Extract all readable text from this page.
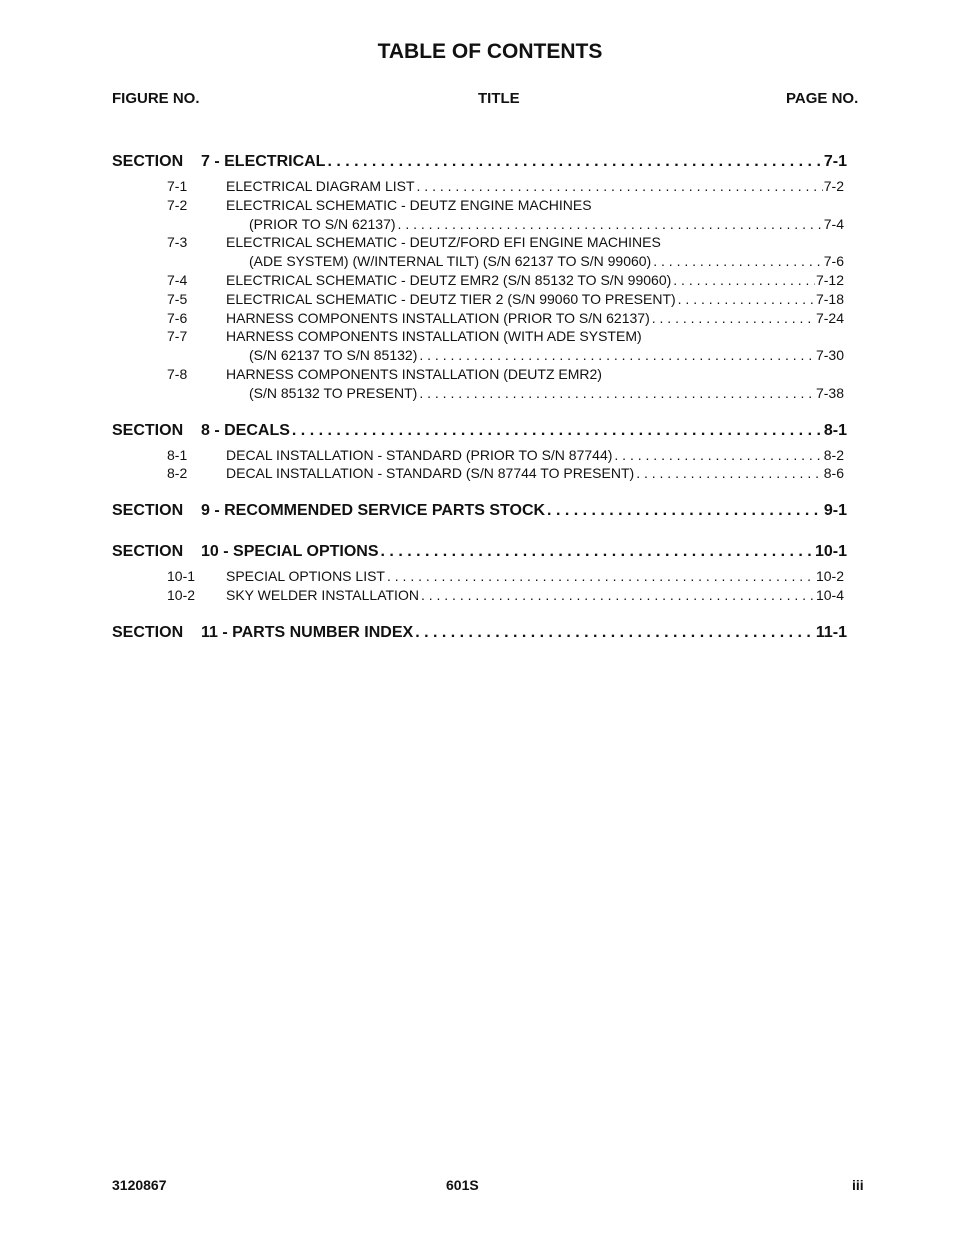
TABLE OF CONTENTS
FIGURE NO.	TITLE	PAGE NO.
SECTION	7 - ELECTRICAL . . .	7-1
7-1	ELECTRICAL DIAGRAM LIST . . .	7-2
7-2	ELECTRICAL SCHEMATIC - DEUTZ ENGINE MACHINES
(PRIOR TO S/N 62137) . . .	7-4
7-3	ELECTRICAL SCHEMATIC - DEUTZ/FORD EFI ENGINE MACHINES
(ADE SYSTEM) (W/INTERNAL TILT) (S/N 62137 TO S/N 99060) . . .	7-6
7-4	ELECTRICAL SCHEMATIC - DEUTZ EMR2 (S/N 85132 TO S/N 99060) . . .	7-12
7-5	ELECTRICAL SCHEMATIC - DEUTZ TIER 2 (S/N 99060 TO PRESENT) . . .	7-18
7-6	HARNESS COMPONENTS INSTALLATION (PRIOR TO S/N 62137) . . .	7-24
7-7	HARNESS COMPONENTS INSTALLATION (WITH ADE SYSTEM)
(S/N 62137 TO S/N 85132) . . .	7-30
7-8	HARNESS COMPONENTS INSTALLATION (DEUTZ EMR2)
(S/N 85132 TO PRESENT) . . .	7-38
SECTION	8 - DECALS . . .	8-1
8-1	DECAL INSTALLATION - STANDARD (PRIOR TO S/N 87744) . . .	8-2
8-2	DECAL INSTALLATION - STANDARD (S/N 87744 TO PRESENT) . . .	8-6
SECTION	9 - RECOMMENDED SERVICE PARTS STOCK . . .	9-1
SECTION	10 - SPECIAL OPTIONS . . .	10-1
10-1	SPECIAL OPTIONS LIST . . .	10-2
10-2	SKY WELDER INSTALLATION . . .	10-4
SECTION	11 - PARTS NUMBER INDEX . . .	11-1
3120867	601S	iii
